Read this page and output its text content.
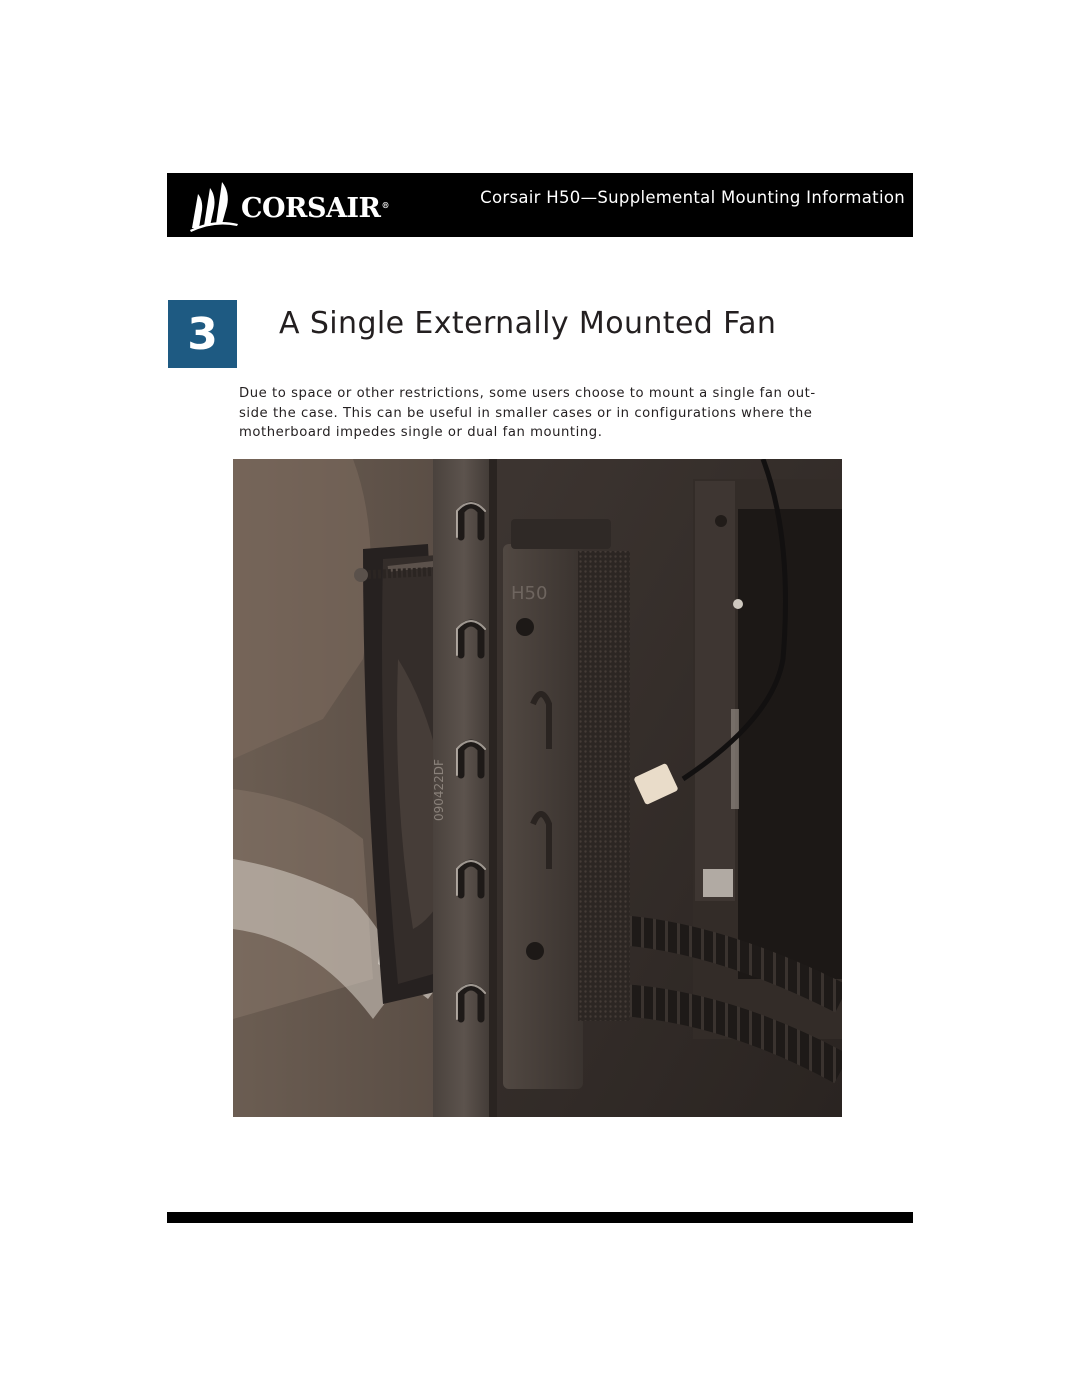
CORSAIR®	Corsair H50—Supplemental Mounting Information
3	A Single Externally Mounted Fan

Due to space or other restrictions, some users choose to mount a single fan out-side the case. This can be useful in smaller cases or in configurations where the motherboard impedes single or dual fan mounting.

H50
090422DF
